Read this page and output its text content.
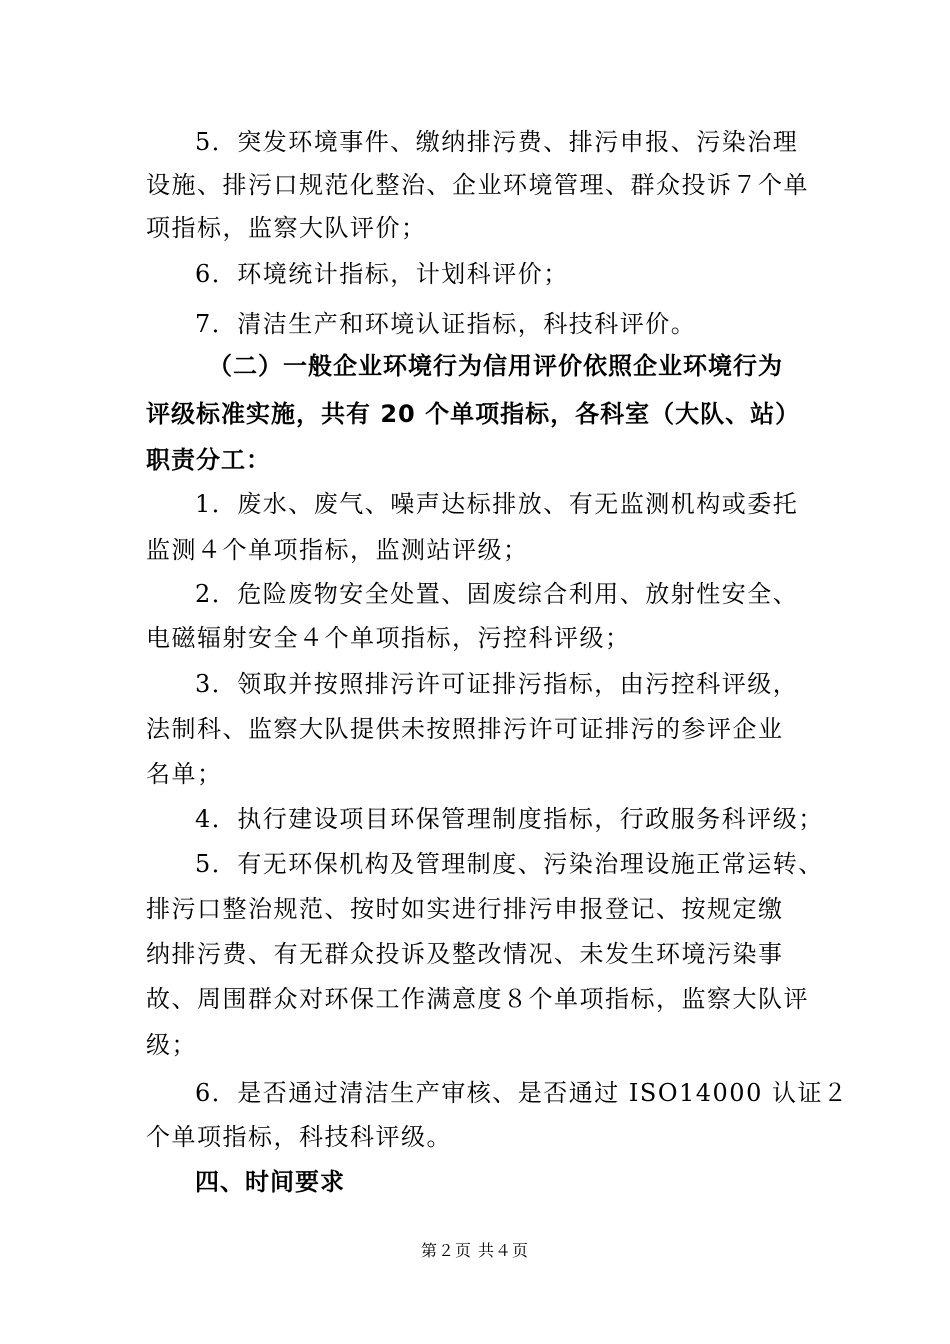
5．突发环境事件、缴纳排污费、排污申报、污染治理
设施、排污口规范化整治、企业环境管理、群众投诉７个单
项指标，监察大队评价；
6．环境统计指标，计划科评价；
7．清洁生产和环境认证指标，科技科评价。
（二）一般企业环境行为信用评价依照企业环境行为
评级标准实施，共有 20 个单项指标，各科室（大队、站）
职责分工：
1．废水、废气、噪声达标排放、有无监测机构或委托
监测４个单项指标，监测站评级；
2．危险废物安全处置、固废综合利用、放射性安全、
电磁辐射安全４个单项指标，污控科评级；
3．领取并按照排污许可证排污指标，由污控科评级，
法制科、监察大队提供未按照排污许可证排污的参评企业
名单；
4．执行建设项目环保管理制度指标，行政服务科评级；
5．有无环保机构及管理制度、污染治理设施正常运转、
排污口整治规范、按时如实进行排污申报登记、按规定缴
纳排污费、有无群众投诉及整改情况、未发生环境污染事
故、周围群众对环保工作满意度８个单项指标，监察大队评
级；
6．是否通过清洁生产审核、是否通过 ISO14000 认证２
个单项指标，科技科评级。
四、时间要求
第２页 共４页
